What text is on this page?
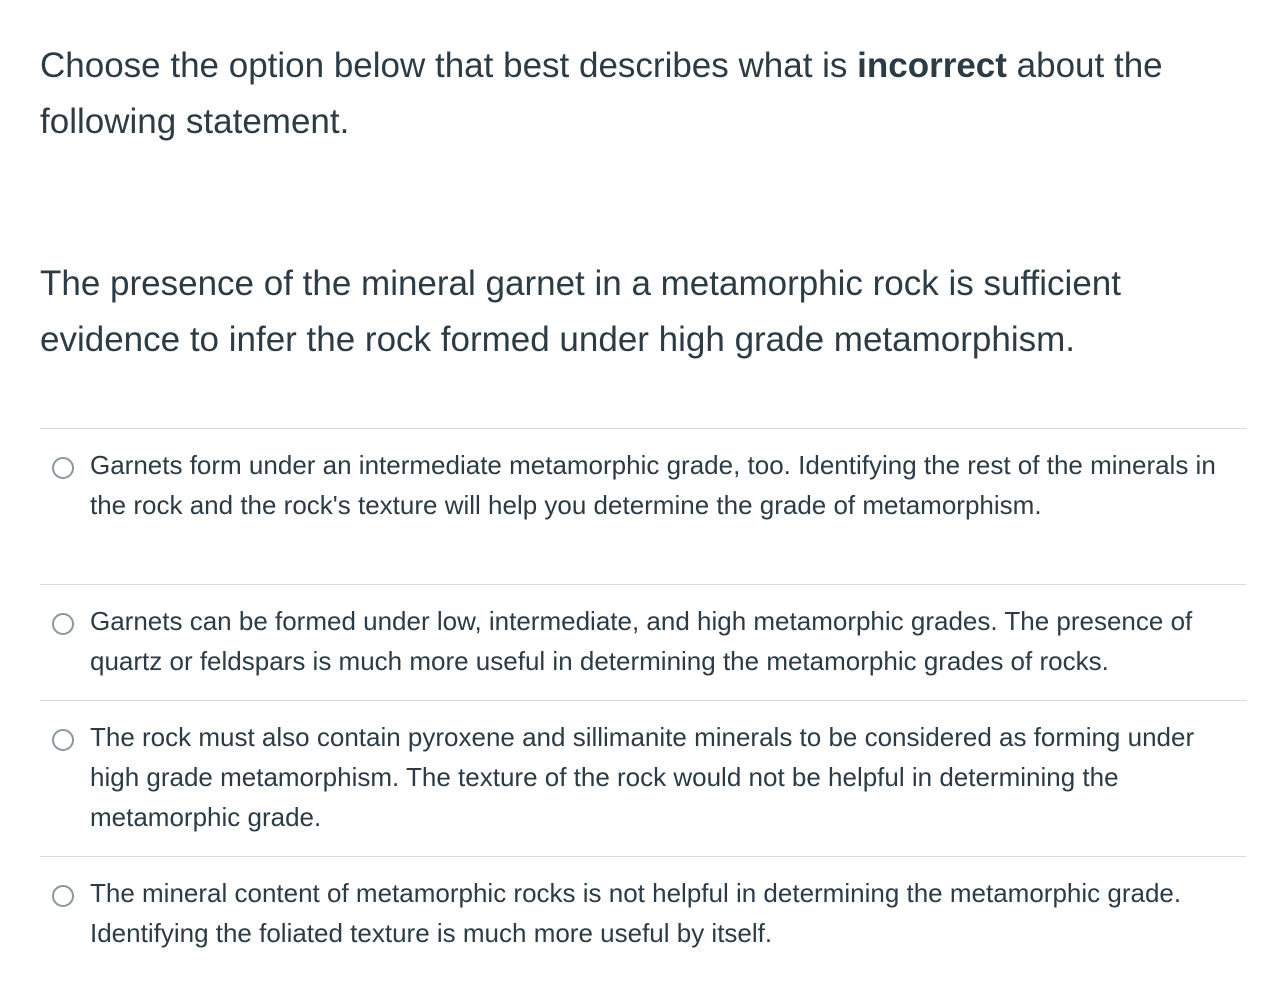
Choose the option below that best describes what is incorrect about the following statement.

The presence of the mineral garnet in a metamorphic rock is sufficient evidence to infer the rock formed under high grade metamorphism.

Garnets form under an intermediate metamorphic grade, too. Identifying the rest of the minerals in the rock and the rock's texture will help you determine the grade of metamorphism.
Garnets can be formed under low, intermediate, and high metamorphic grades. The presence of quartz or feldspars is much more useful in determining the metamorphic grades of rocks.
The rock must also contain pyroxene and sillimanite minerals to be considered as forming under high grade metamorphism. The texture of the rock would not be helpful in determining the metamorphic grade.
The mineral content of metamorphic rocks is not helpful in determining the metamorphic grade. Identifying the foliated texture is much more useful by itself.
